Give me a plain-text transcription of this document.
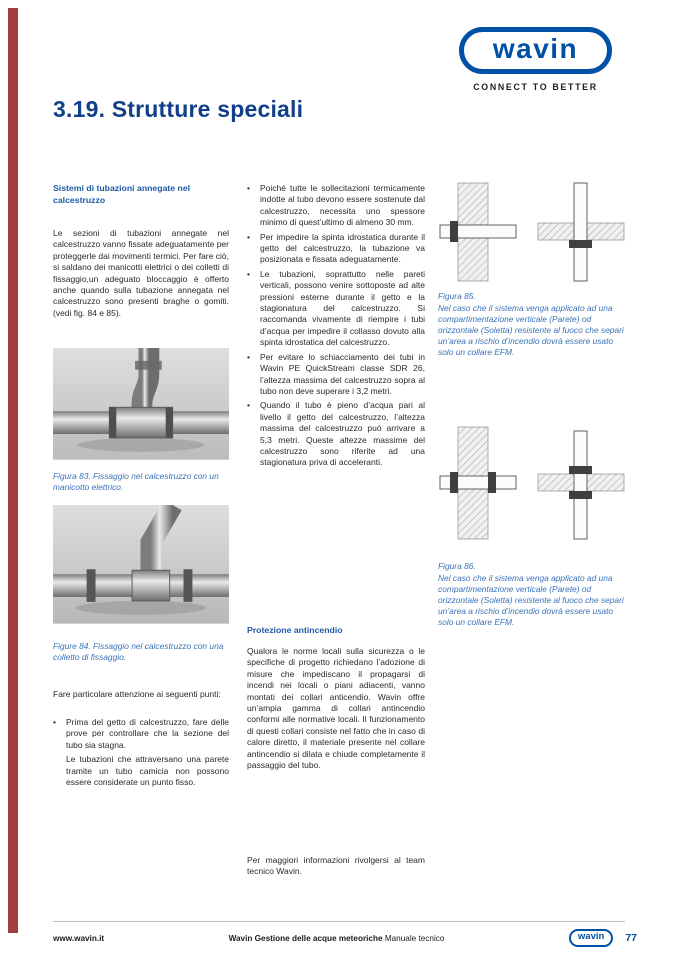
wavin
CONNECT TO BETTER
3.19. Strutture speciali
Sistemi di tubazioni annegate nel calcestruzzo
Le sezioni di tubazioni annegate nel calcestruzzo vanno fissate adeguatamente per proteggerle dai movimenti termici. Per fare ciò, si saldano dei manicotti elettrici o dei colletti di fissaggio,un adeguato bloccaggio è offerto anche quando sulla tubazione annegata nel calcestruzzo sono presenti braghe o gomiti. (vedi fig. 84 e 85).
Figura 83. Fissaggio nel calcestruzzo con un manicotto elettrico.
Figure 84. Fissaggio nel calcestruzzo con una colletto di fissaggio.
Fare particolare attenzione ai seguenti punti:
•	Prima del getto di calcestruzzo, fare delle prove per controllare che la sezione del tubo sia stagna.
Le tubazioni che attraversano una parete tramite un tubo camicia non possono essere considerate un punto fisso.
•	Poiché tutte le sollecitazioni termicamente indotte al tubo devono essere sostenute dal calcestruzzo, necessita uno spessore minimo di quest’ultimo di almeno 30 mm.
•	Per impedire la spinta idrostatica durante il getto del calcestruzzo, la tubazione va posizionata e fissata adeguatamente.
•	Le tubazioni, soprattutto nelle pareti verticali, possono venire sottoposte ad alte pressioni esterne durante il getto e la stagionatura del calcestruzzo. Si raccomanda vivamente di riempire i tubi d’acqua per impedire il collasso dovuto alla spinta idrostatica del calcestruzzo.
•	Per evitare lo schiacciamento dei tubi in Wavin PE QuickStream classe SDR 26, l’altezza massima del calcestruzzo sopra al tubo non deve superare i 3,2 metri.
•	Quando il tubo è pieno d’acqua pari al livello il getto del calcestruzzo, l’altezza massima del calcestruzzo può arrivare a 5,3 metri. Queste altezze massime del calcestruzzo sono riferite ad una stagionatura priva di acceleranti.
Protezione antincendio
Qualora le norme locali sulla sicurezza o le specifiche di progetto richiedano l’adozione di misure che impediscano il propagarsi di incendi nei locali o piani adiacenti, vanno montati dei collari anticendio. Wavin offre un’ampia gamma di collari antincendio conformi alle normative locali. Il funzionamento di questi collari consiste nel fatto che in caso di calore diretto, il materiale presente nel collare antincendio si dilata e chiude completamente il passaggio del tubo.
Per maggiori informazioni rivolgersi al team tecnico Wavin.
Figura 85.
Nel caso che il sistema venga applicato ad una compartimentazione verticale (Parete) od orizzontale (Soletta) resistente al fuoco che separi un’area a rischio d’incendio dovrà essere usato solo un collare EFM.
Figura 86.
Nel caso che il sistema venga applicato ad una compartimentazione verticale (Parete) od orizzontale (Soletta) resistente al fuoco che separi un’area a rischio d’incendio dovrà essere usato solo un collare EFM.
www.wavin.it	Wavin Gestione delle acque meteoriche Manuale tecnico	wavin	77
